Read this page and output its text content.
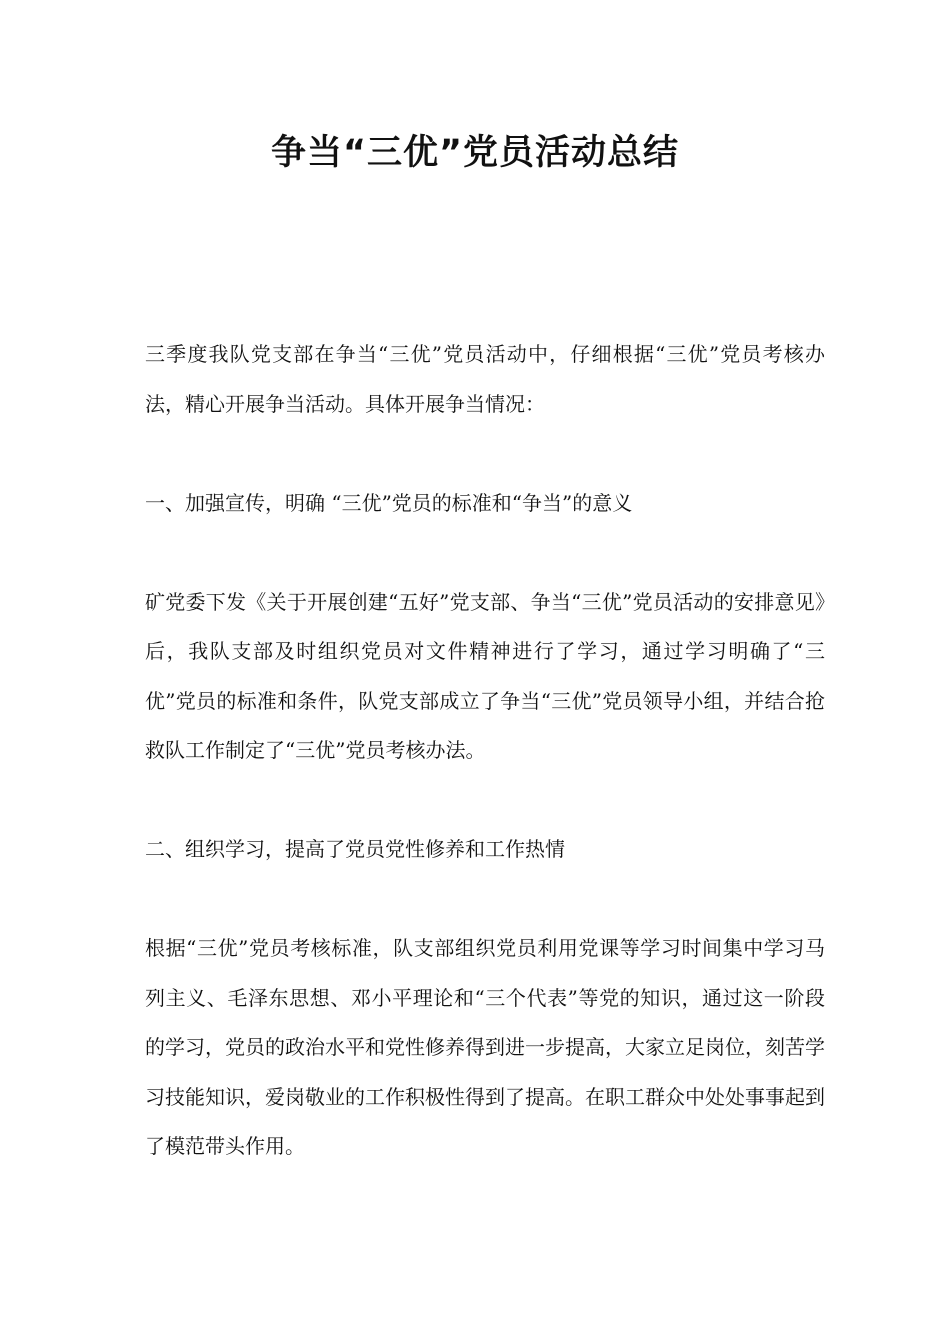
争当“三优”党员活动总结

三季度我队党支部在争当“三优”党员活动中，仔细根据“三优”党员考核办法，精心开展争当活动。具体开展争当情况：

一、加强宣传，明确 “三优”党员的标准和“争当”的意义

矿党委下发《关于开展创建“五好”党支部、争当“三优”党员活动的安排意见》后，我队支部及时组织党员对文件精神进行了学习，通过学习明确了“三优”党员的标准和条件，队党支部成立了争当“三优”党员领导小组，并结合抢救队工作制定了“三优”党员考核办法。

二、组织学习，提高了党员党性修养和工作热情

根据“三优”党员考核标准，队支部组织党员利用党课等学习时间集中学习马列主义、毛泽东思想、邓小平理论和“三个代表”等党的知识，通过这一阶段的学习，党员的政治水平和党性修养得到进一步提高，大家立足岗位，刻苦学习技能知识，爱岗敬业的工作积极性得到了提高。在职工群众中处处事事起到了模范带头作用。
